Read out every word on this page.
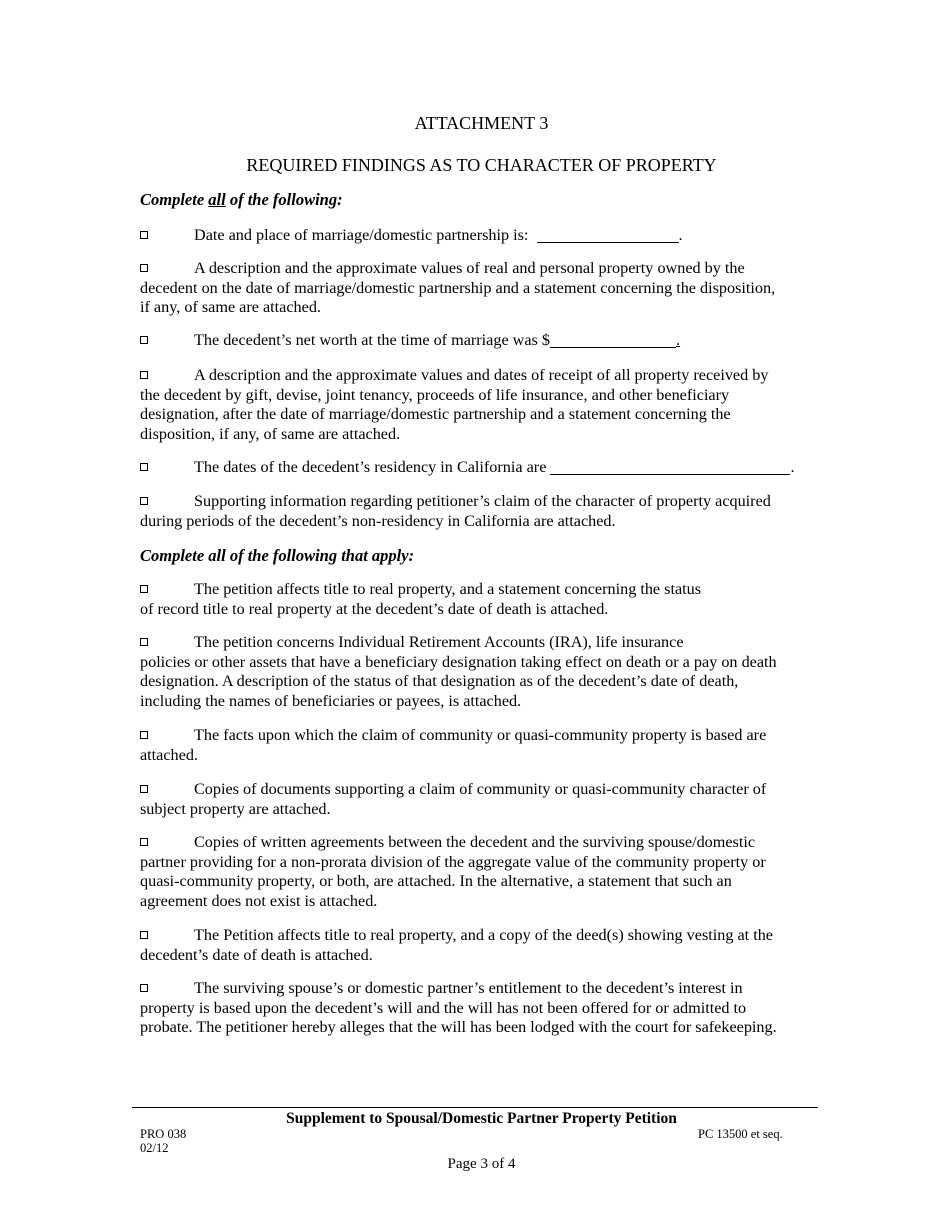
ATTACHMENT 3
REQUIRED FINDINGS AS TO CHARACTER OF PROPERTY
Complete all of the following:
Date and place of marriage/domestic partnership is:	.
A description and the approximate values of real and personal property owned by the
decedent on the date of marriage/domestic partnership and a statement concerning the disposition,
if any, of same are attached.
The decedent’s net worth at the time of marriage was $	.
A description and the approximate values and dates of receipt of all property received by
the decedent by gift, devise, joint tenancy, proceeds of life insurance, and other beneficiary
designation, after the date of marriage/domestic partnership and a statement concerning the
disposition, if any, of same are attached.
The dates of the decedent’s residency in California are	.
Supporting information regarding petitioner’s claim of the character of property acquired
during periods of the decedent’s non-residency in California are attached.
Complete all of the following that apply:
The petition affects title to real property, and a statement concerning the status
of record title to real property at the decedent’s date of death is attached.
The petition concerns Individual Retirement Accounts (IRA), life insurance
policies or other assets that have a beneficiary designation taking effect on death or a pay on death
designation. A description of the status of that designation as of the decedent’s date of death,
including the names of beneficiaries or payees, is attached.
The facts upon which the claim of community or quasi-community property is based are
attached.
Copies of documents supporting a claim of community or quasi-community character of
subject property are attached.
Copies of written agreements between the decedent and the surviving spouse/domestic
partner providing for a non-prorata division of the aggregate value of the community property or
quasi-community property, or both, are attached. In the alternative, a statement that such an
agreement does not exist is attached.
The Petition affects title to real property, and a copy of the deed(s) showing vesting at the
decedent’s date of death is attached.
The surviving spouse’s or domestic partner’s entitlement to the decedent’s interest in
property is based upon the decedent’s will and the will has not been offered for or admitted to
probate. The petitioner hereby alleges that the will has been lodged with the court for safekeeping.
Supplement to Spousal/Domestic Partner Property Petition
PRO 038
02/12
PC 13500 et seq.
Page 3 of 4
